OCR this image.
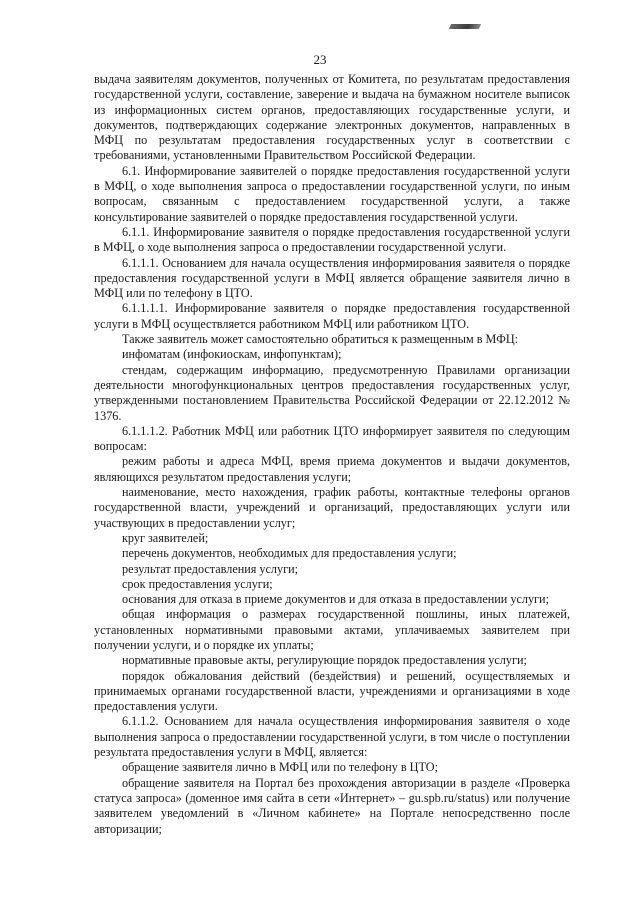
23

выдача заявителям документов, полученных от Комитета, по результатам предоставления государственной услуги, составление, заверение и выдача на бумажном носителе выписок из информационных систем органов, предоставляющих государственные услуги, и документов, подтверждающих содержание электронных документов, направленных в МФЦ по результатам предоставления государственных услуг в соответствии с требованиями, установленными Правительством Российской Федерации.

6.1. Информирование заявителей о порядке предоставления государственной услуги в МФЦ, о ходе выполнения запроса о предоставлении государственной услуги, по иным вопросам, связанным с предоставлением государственной услуги, а также консультирование заявителей о порядке предоставления государственной услуги.

6.1.1. Информирование заявителя о порядке предоставления государственной услуги в МФЦ, о ходе выполнения запроса о предоставлении государственной услуги.

6.1.1.1. Основанием для начала осуществления информирования заявителя о порядке предоставления государственной услуги в МФЦ является обращение заявителя лично в МФЦ или по телефону в ЦТО.

6.1.1.1.1. Информирование заявителя о порядке предоставления государственной услуги в МФЦ осуществляется работником МФЦ или работником ЦТО.

Также заявитель может самостоятельно обратиться к размещенным в МФЦ:

инфоматам (инфокиоскам, инфопунктам);

стендам, содержащим информацию, предусмотренную Правилами организации деятельности многофункциональных центров предоставления государственных услуг, утвержденными постановлением Правительства Российской Федерации от 22.12.2012 № 1376.

6.1.1.1.2. Работник МФЦ или работник ЦТО информирует заявителя по следующим вопросам:

режим работы и адреса МФЦ, время приема документов и выдачи документов, являющихся результатом предоставления услуги;

наименование, место нахождения, график работы, контактные телефоны органов государственной власти, учреждений и организаций, предоставляющих услуги или участвующих в предоставлении услуг;

круг заявителей;

перечень документов, необходимых для предоставления услуги;

результат предоставления услуги;

срок предоставления услуги;

основания для отказа в приеме документов и для отказа в предоставлении услуги;

общая информация о размерах государственной пошлины, иных платежей, установленных нормативными правовыми актами, уплачиваемых заявителем при получении услуги, и о порядке их уплаты;

нормативные правовые акты, регулирующие порядок предоставления услуги;

порядок обжалования действий (бездействия) и решений, осуществляемых и принимаемых органами государственной власти, учреждениями и организациями в ходе предоставления услуги.

6.1.1.2. Основанием для начала осуществления информирования заявителя о ходе выполнения запроса о предоставлении государственной услуги, в том числе о поступлении результата предоставления услуги в МФЦ, является:

обращение заявителя лично в МФЦ или по телефону в ЦТО;

обращение заявителя на Портал без прохождения авторизации в разделе «Проверка статуса запроса» (доменное имя сайта в сети «Интернет» – gu.spb.ru/status) или получение заявителем уведомлений в «Личном кабинете» на Портале непосредственно после авторизации;
